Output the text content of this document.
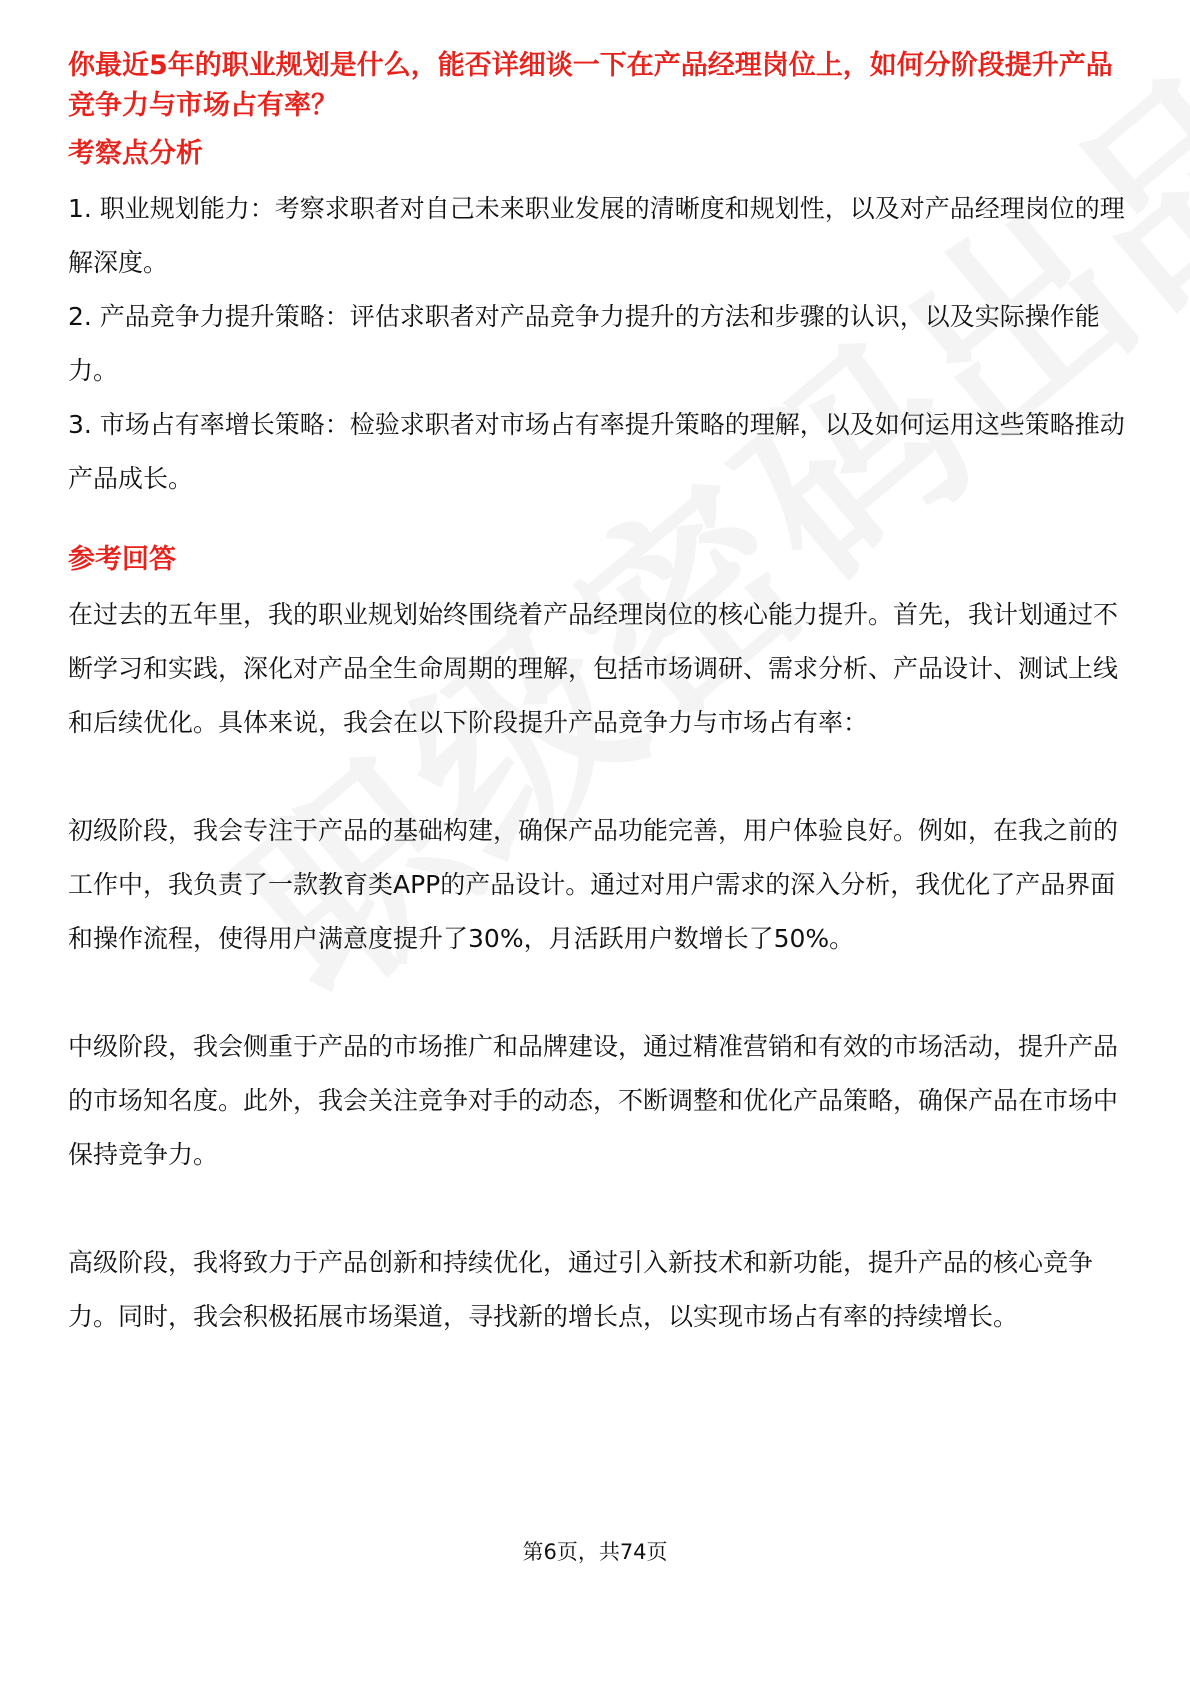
你最近5年的职业规划是什么，能否详细谈一下在产品经理岗位上，如何分阶段提升产品竞争力与市场占有率？
考察点分析

1. 职业规划能力：考察求职者对自己未来职业发展的清晰度和规划性，以及对产品经理岗位的理解深度。

2. 产品竞争力提升策略：评估求职者对产品竞争力提升的方法和步骤的认识，以及实际操作能力。

3. 市场占有率增长策略：检验求职者对市场占有率提升策略的理解，以及如何运用这些策略推动产品成长。

参考回答

在过去的五年里，我的职业规划始终围绕着产品经理岗位的核心能力提升。首先，我计划通过不断学习和实践，深化对产品全生命周期的理解，包括市场调研、需求分析、产品设计、测试上线和后续优化。具体来说，我会在以下阶段提升产品竞争力与市场占有率：

初级阶段，我会专注于产品的基础构建，确保产品功能完善，用户体验良好。例如，在我之前的工作中，我负责了一款教育类APP的产品设计。通过对用户需求的深入分析，我优化了产品界面和操作流程，使得用户满意度提升了30%，月活跃用户数增长了50%。

中级阶段，我会侧重于产品的市场推广和品牌建设，通过精准营销和有效的市场活动，提升产品的市场知名度。此外，我会关注竞争对手的动态，不断调整和优化产品策略，确保产品在市场中保持竞争力。

高级阶段，我将致力于产品创新和持续优化，通过引入新技术和新功能，提升产品的核心竞争力。同时，我会积极拓展市场渠道，寻找新的增长点，以实现市场占有率的持续增长。

第6页，共74页
